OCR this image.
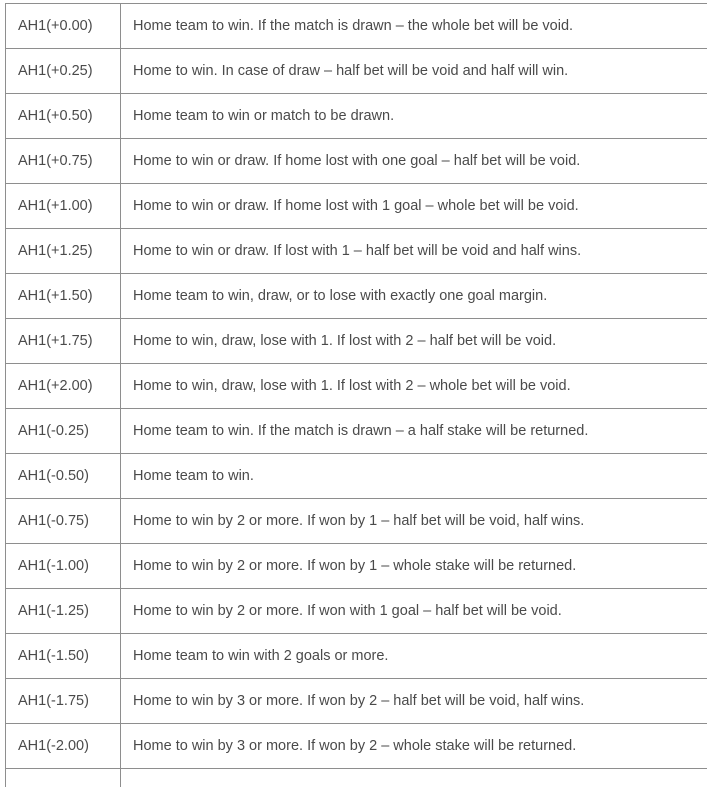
AH1(+0.00)	Home team to win. If the match is drawn – the whole bet will be void.
AH1(+0.25)	Home to win. In case of draw – half bet will be void and half will win.
AH1(+0.50)	Home team to win or match to be drawn.
AH1(+0.75)	Home to win or draw. If home lost with one goal – half bet will be void.
AH1(+1.00)	Home to win or draw. If home lost with 1 goal – whole bet will be void.
AH1(+1.25)	Home to win or draw. If lost with 1 – half bet will be void and half wins.
AH1(+1.50)	Home team to win, draw, or to lose with exactly one goal margin.
AH1(+1.75)	Home to win, draw, lose with 1. If lost with 2 – half bet will be void.
AH1(+2.00)	Home to win, draw, lose with 1. If lost with 2 – whole bet will be void.
AH1(-0.25)	Home team to win. If the match is drawn – a half stake will be returned.
AH1(-0.50)	Home team to win.
AH1(-0.75)	Home to win by 2 or more. If won by 1 – half bet will be void, half wins.
AH1(-1.00)	Home to win by 2 or more. If won by 1 – whole stake will be returned.
AH1(-1.25)	Home to win by 2 or more. If won with 1 goal – half bet will be void.
AH1(-1.50)	Home team to win with 2 goals or more.
AH1(-1.75)	Home to win by 3 or more. If won by 2 – half bet will be void, half wins.
AH1(-2.00)	Home to win by 3 or more. If won by 2 – whole stake will be returned.
